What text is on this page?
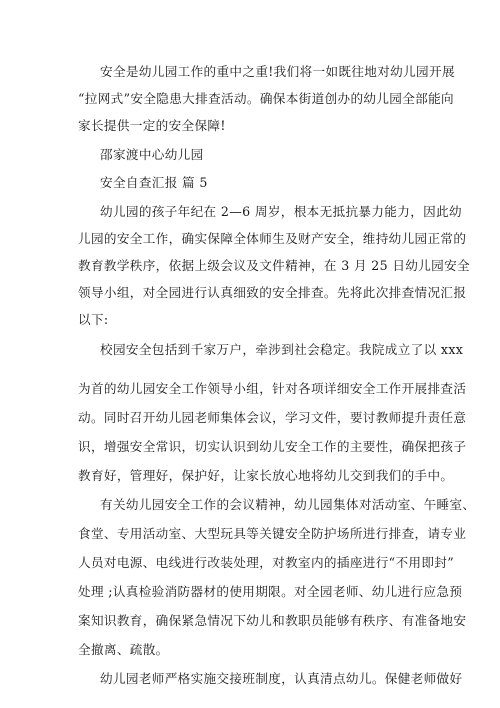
安全是幼儿园工作的重中之重!我们将一如既往地对幼儿园开展
“拉网式”安全隐患大排查活动。确保本街道创办的幼儿园全部能向
家长提供一定的安全保障!
邵家渡中心幼儿园
安全自查汇报 篇 5
幼儿园的孩子年纪在 2—6 周岁，根本无抵抗暴力能力，因此幼
儿园的安全工作，确实保障全体师生及财产安全，维持幼儿园正常的
教育教学秩序，依据上级会议及文件精神，在 3 月 25 日幼儿园安全
领导小组，对全园进行认真细致的安全排查。先将此次排查情况汇报
以下:
校园安全包括到千家万户，牵涉到社会稳定。我院成立了以 xxx
为首的幼儿园安全工作领导小组，针对各项详细安全工作开展排查活
动。同时召开幼儿园老师集体会议，学习文件，要讨教师提升责任意
识，增强安全常识，切实认识到幼儿安全工作的主要性，确保把孩子
教育好，管理好，保护好，让家长放心地将幼儿交到我们的手中。
有关幼儿园安全工作的会议精神，幼儿园集体对活动室、午睡室、
食堂、专用活动室、大型玩具等关键安全防护场所进行排查，请专业
人员对电源、电线进行改装处理，对教室内的插座进行“不用即封”
处理 ;认真检验消防器材的使用期限。对全园老师、幼儿进行应急预
案知识教育，确保紧急情况下幼儿和教职员能够有秩序、有准备地安
全撤离、疏散。
幼儿园老师严格实施交接班制度，认真清点幼儿。保健老师做好
